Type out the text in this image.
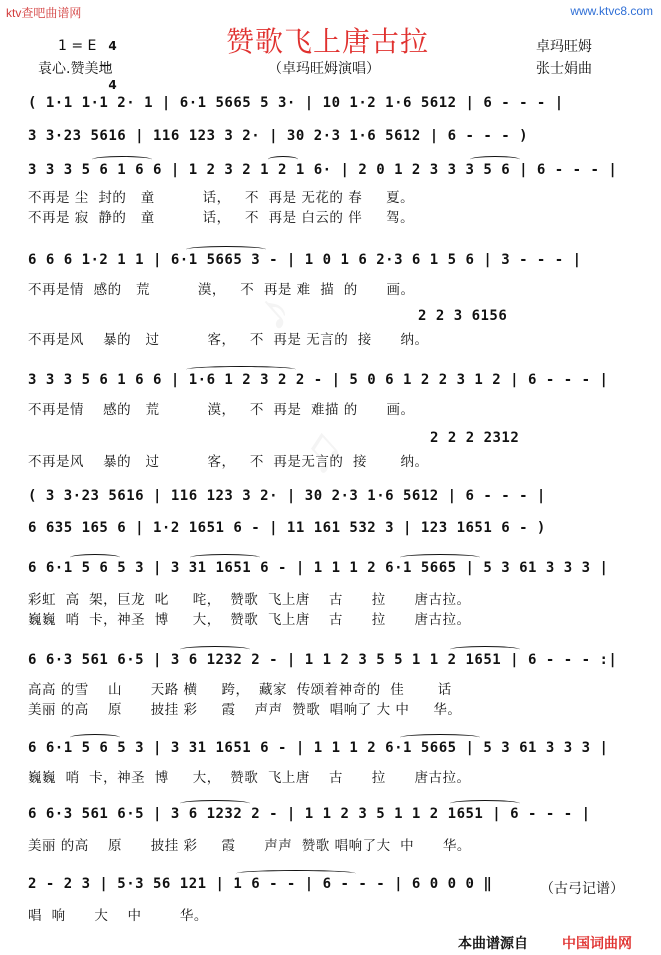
ktv查吧曲谱网	www.ktvc8.com
♪
♫
赞歌飞上唐古拉
1 = E 4

4

卓玛旺姆
（卓玛旺姆演唱）
袁心.赞美地	张士娟曲
( 1·1 1·1 2· 1 | 6·1 5665 5 3· | 10 1·2 1·6 5612 | 6 - - - |
3 3·23 5616 | 116 123 3 2· | 30 2·3 1·6 5612 | 6 - - - )
3 3 3 5 6 1 6 6 | 1 2 3 2 1 2 1 6· | 2 0 1 2 3 3 3 5 6 | 6 - - - |
不再是 尘  封的   童          话，   不  再是 无花的 春     夏。
不再是 寂  静的   童          话，   不  再是 白云的 伴     驾。
6 6 6 1·2 1 1 | 6·1 5665 3 - | 1 0 1 6 2·3 6 1 5 6 | 3 - - - |
不再是情  感的   荒          漠，   不  再是 难  描  的      画。
2 2 3 6156
不再是风    暴的   过          客，   不  再是 无言的  接      纳。
3 3 3 5 6 1 6 6 | 1·6 1 2 3 2 2 - | 5 0 6 1 2 2 3 1 2 | 6 - - - |
不再是情    感的   荒          漠，   不  再是  难描 的      画。
2 2 2 2312
不再是风    暴的   过          客，   不  再是无言的  接       纳。
( 3 3·23 5616 | 116 123 3 2· | 30 2·3 1·6 5612 | 6 - - - |
6 635 165 6 | 1·2 1651 6 - | 11 161 532 3 | 123 1651 6 - )
6 6·1 5 6 5 3 | 3 31 1651 6 - | 1 1 1 2 6·1 5665 | 5 3 61 3 3 3 |
彩虹  高  架，巨龙  叱     咤，  赞歌  飞上唐    古      拉      唐古拉。
巍巍  哨  卡，神圣  博     大，  赞歌  飞上唐    古      拉      唐古拉。
6 6·3 561 6·5 | 3 6 1232 2 - | 1 1 2 3 5 5 1 1 2 1651 | 6 - - - :|
高高 的雪    山      天路 横     跨，  藏家  传颂着神奇的  佳       话
美丽 的高    原      披挂 彩     霞    声声  赞歌  唱响了 大 中     华。
6 6·1 5 6 5 3 | 3 31 1651 6 - | 1 1 1 2 6·1 5665 | 5 3 61 3 3 3 |
巍巍  哨  卡，神圣  博     大，  赞歌  飞上唐    古      拉      唐古拉。
6 6·3 561 6·5 | 3 6 1232 2 - | 1 1 2 3 5 1 1 2 1651 | 6 - - - |
美丽 的高    原      披挂 彩     霞      声声  赞歌 唱响了大  中      华。
2 - 2 3 | 5·3 56 121 | 1 6 - - | 6 - - - | 6 0 0 0 ‖
唱  响      大    中        华。
（古弓记谱）
本曲谱源自 中国词曲网
